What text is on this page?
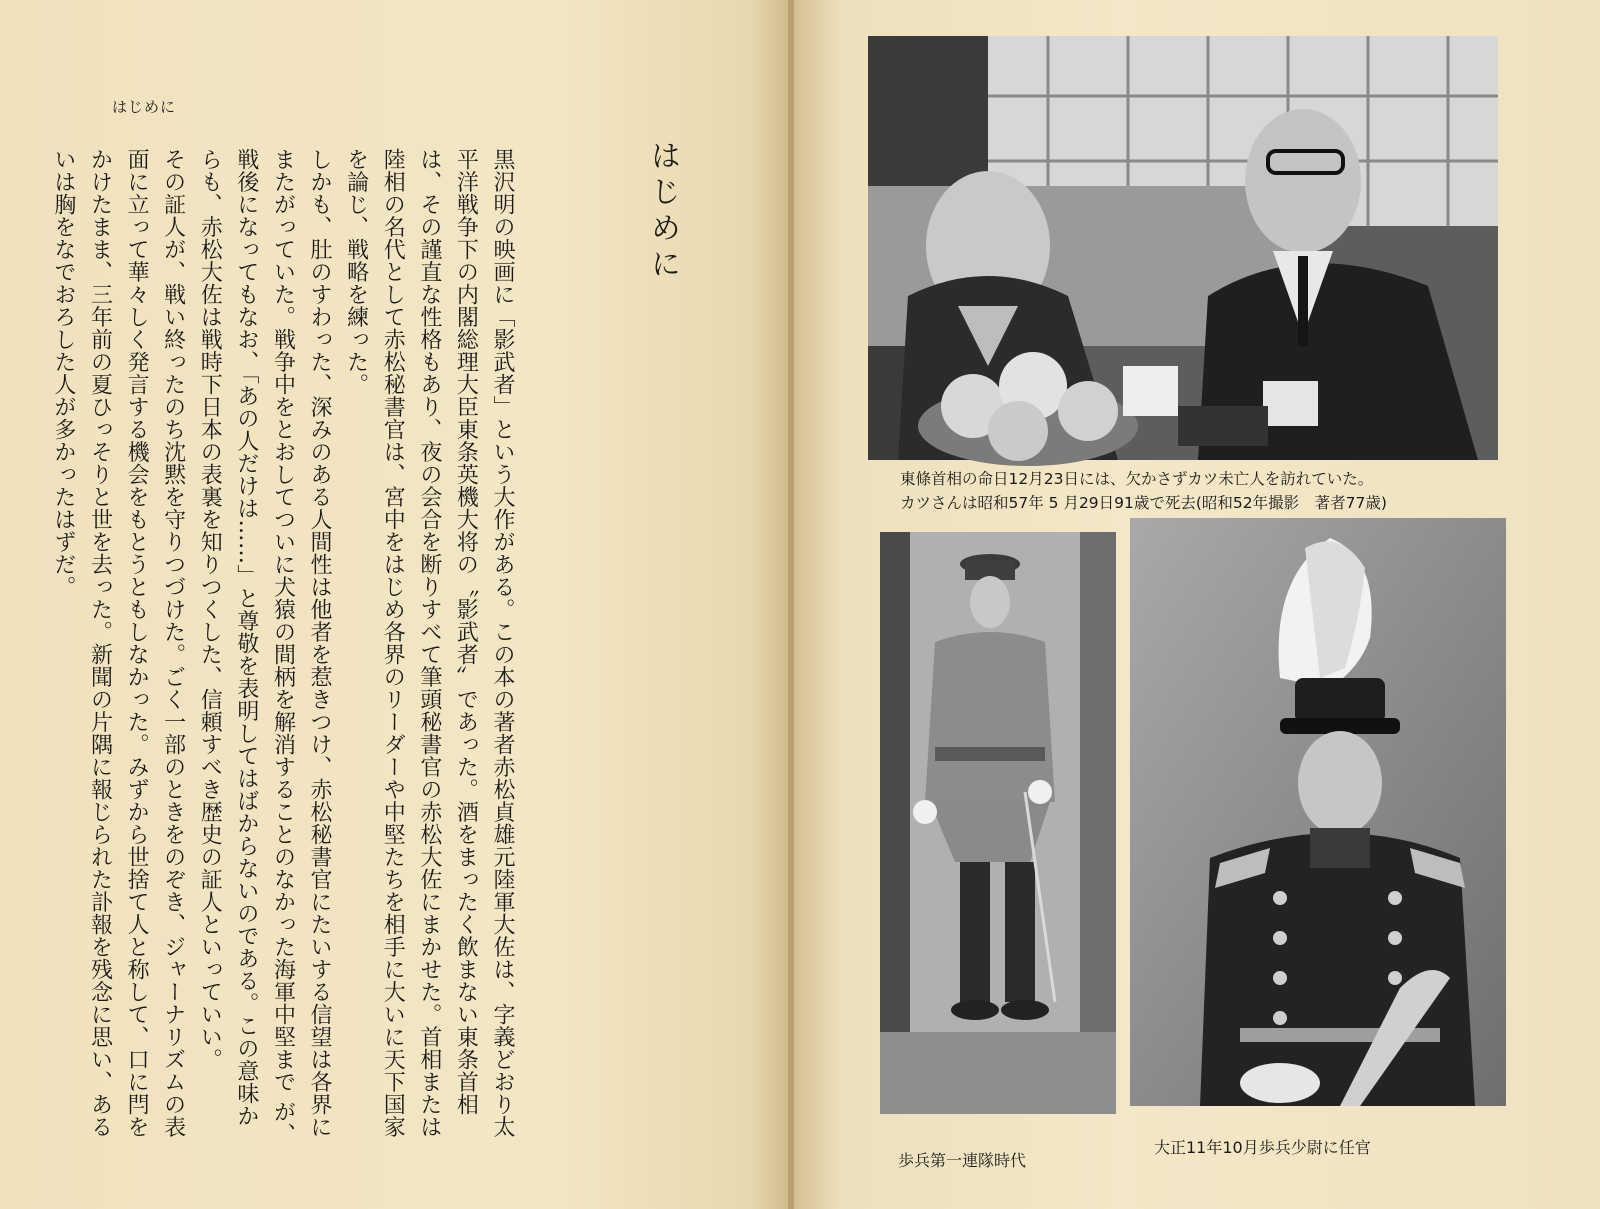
はじめに
はじめに

黒沢明の映画に「影武者」という大作がある。この本の著者赤松貞雄元陸軍大佐は、字義どおり太平洋戦争下の内閣総理大臣東条英機大将の〝影武者〟であった。酒をまったく飲まない東条首相は、その謹直な性格もあり、夜の会合を断りすべて筆頭秘書官の赤松大佐にまかせた。首相または陸相の名代として赤松秘書官は、宮中をはじめ各界のリーダーや中堅たちを相手に大いに天下国家を論じ、戦略を練った。

しかも、肚のすわった、深みのある人間性は他者を惹きつけ、赤松秘書官にたいする信望は各界にまたがっていた。戦争中をとおしてついに犬猿の間柄を解消することのなかった海軍中堅まで が、戦後になってもなお、「あの人だけは……」と尊敬を表明してはばからないのである。この意味からも、赤松大佐は戦時下日本の表裏を知りつくした、信頼すべき歴史の証人といっていい。

その証人が、戦い終ったのち沈黙を守りつづけた。ごく一部のときをのぞき、ジャーナリズムの表面に立って華々しく発言する機会をもとうともしなかった。みずから世捨て人と称して、口に閂をかけたまま、三年前の夏ひっそりと世を去った。新聞の片隅に報じられた訃報を残念に思い、あるいは胸をなでおろした人が多かったはずだ。	東條首相の命日12月23日には、欠かさずカツ未亡人を訪れていた。
カツさんは昭和57年 5 月29日91歳で死去(昭和52年撮影　著者77歳)
歩兵第一連隊時代
大正11年10月歩兵少尉に任官
